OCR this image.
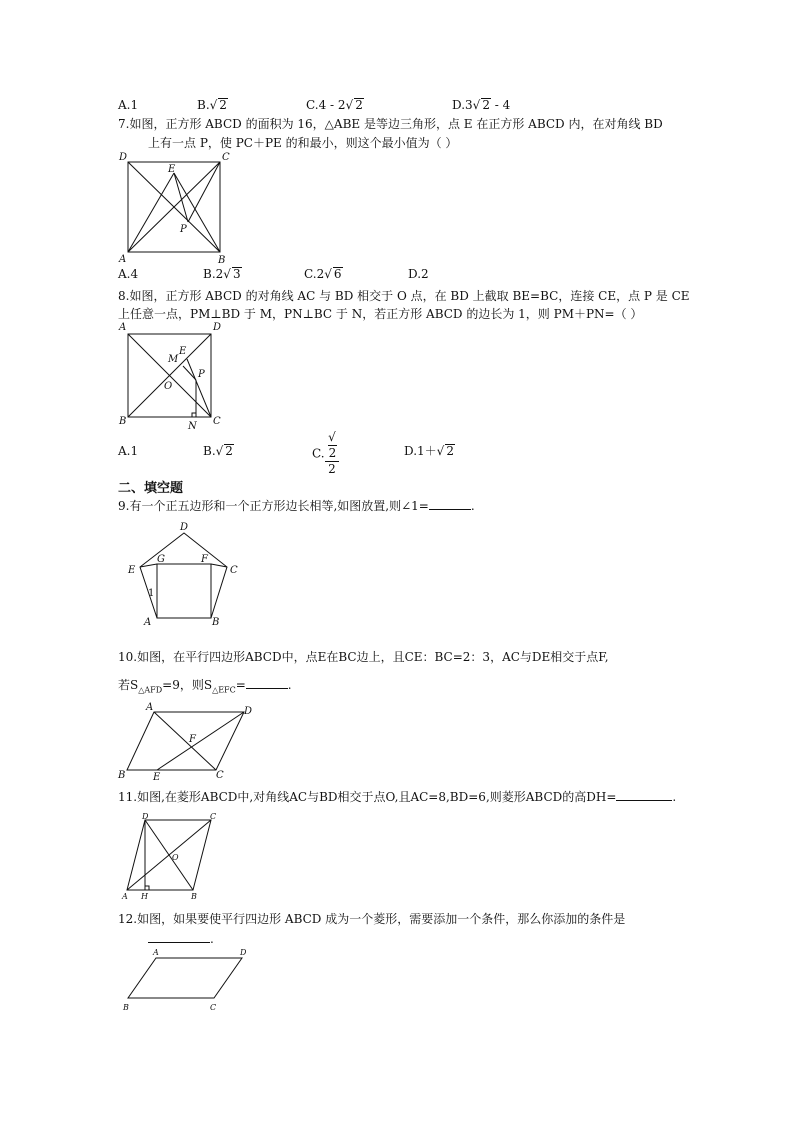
A.1	B.√ 2	C.4 - 2√ 2	D.3√ 2 - 4
7.如图，正方形 ABCD 的面积为 16，△ABE 是等边三角形，点 E 在正方形 ABCD 内，在对角线 BD
上有一点 P，使 PC＋PE 的和最小，则这个最小值为（ ）
D	C
A	B
E
P
A.4	B.2√ 3	C.2√ 6	D.2
8.如图，正方形 ABCD 的对角线 AC 与 BD 相交于 O 点，在 BD 上截取 BE=BC，连接 CE，点 P 是 CE
上任意一点，PM⊥BD 于 M，PN⊥BC 于 N，若正方形 ABCD 的边长为 1，则 PM＋PN=（ ）
A	D
B	C
E
M
O
P
N
A.1	B.√ 2	C. √
2
2	D.1＋√ 2
二、填空题
9.有一个正五边形和一个正方形边长相等,如图放置,则∠1=	.
D
E	C
G	F
A	B
1
10.如图，在平行四边形ABCD中，点E在BC边上，且CE：BC=2：3，AC与DE相交于点F,
若$S_{\triangle AFD}=9$，则$S_{\triangle EFC}=$	.
A	D
F
B	E	C
11.如图,在菱形ABCD中,对角线AC与BD相交于点O,且AC=8,BD=6,则菱形ABCD的高DH=	.
D	C
O
A H	B
12.如图，如果要使平行四边形 ABCD 成为一个菱形，需要添加一个条件，那么你添加的条件是
.
A	D
B	C
